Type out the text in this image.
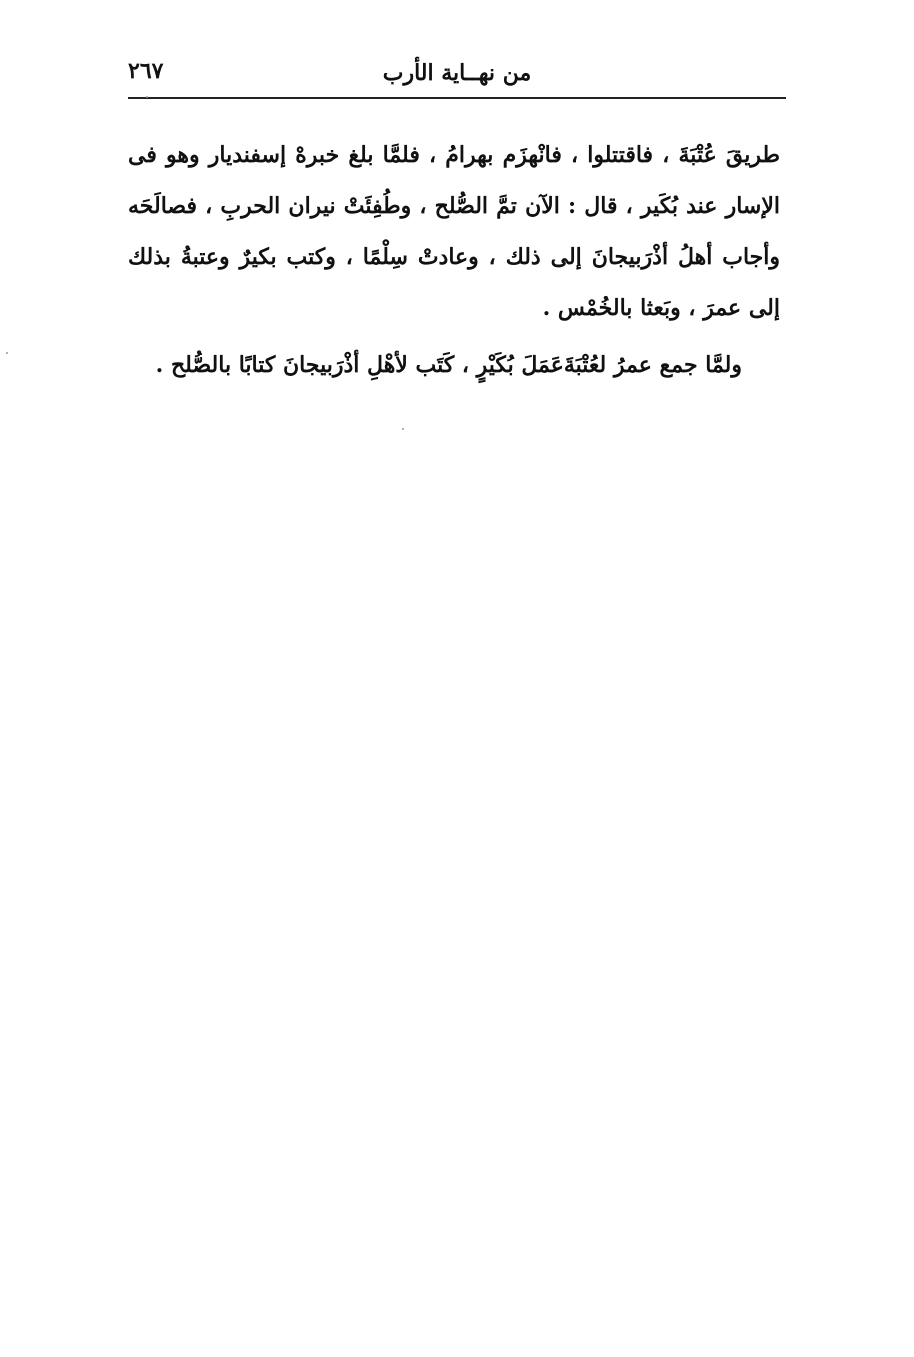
من نهــاية الأرب
٢٦٧

طريقَ عُتْبَةَ ، فاقتتلوا ، فانْهزَم بهرامُ ، فلمَّا بلغ خبرهْ إسفنديار وهو فى الإسار عند بُكَير ، قال : الآن تمَّ الصُّلح ، وطُفِئَتْ نيران الحربِ ، فصالَحَه وأجاب أهلُ أذْرَبيجانَ إلى ذلك ، وعادتْ سِلْمًا ، وكتب بكيرٌ وعتبةُ بذلك إلى عمرَ ، وبَعثا بالخُمْس .

ولمَّا جمع عمرُ لعُتْبَةَعَمَلَ بُكَيْرٍ ، كَتَب لأهْلِ أذْرَبيجانَ كتابًا بالصُّلح .
